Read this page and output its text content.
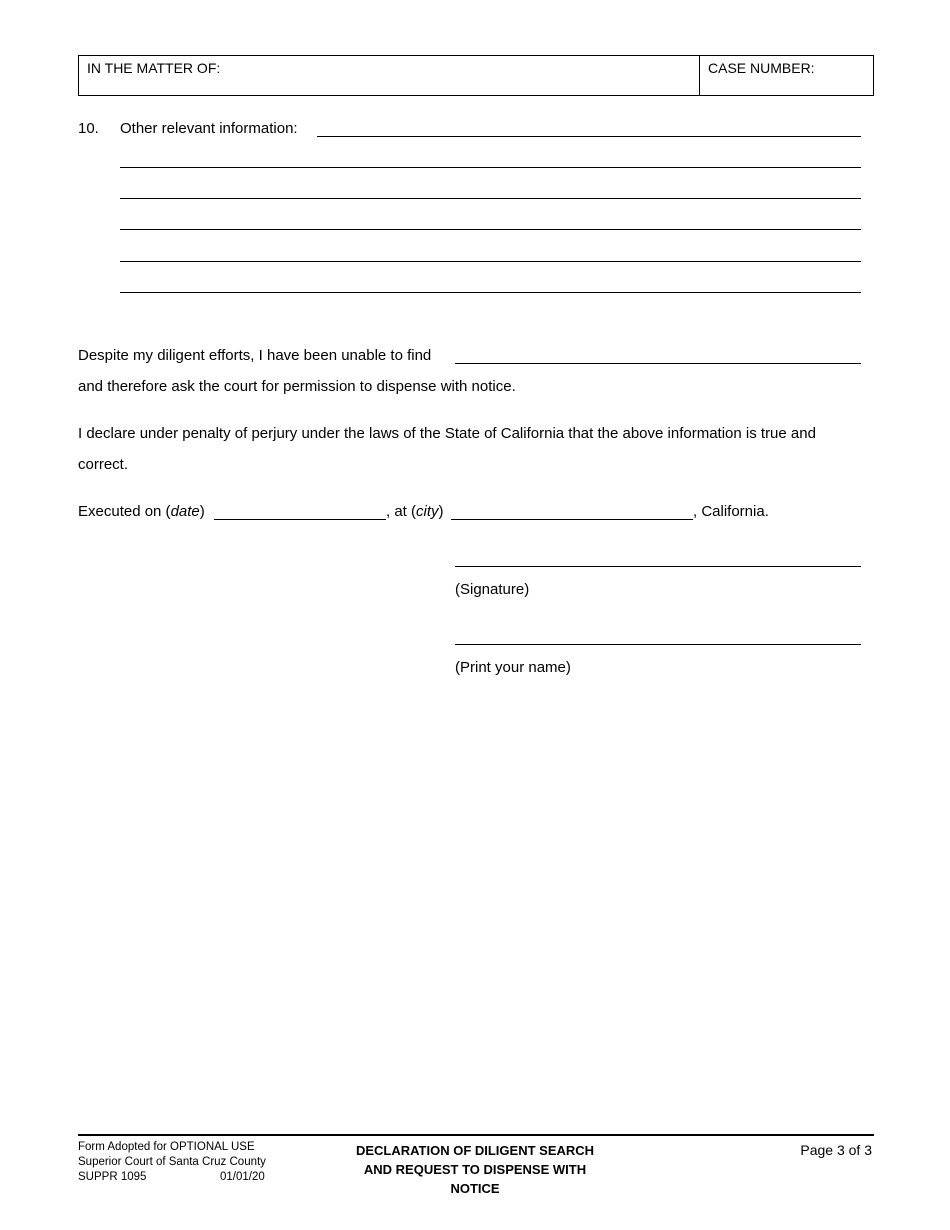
IN THE MATTER OF:	CASE NUMBER:
10. Other relevant information:
Despite my diligent efforts, I have been unable to find
and therefore ask the court for permission to dispense with notice.
I declare under penalty of perjury under the laws of the State of California that the above information is true and
correct.
Executed on (date)	, at (city)	, California.
(Signature)
(Print your name)
Form Adopted for OPTIONAL USE
Superior Court of Santa Cruz County
SUPPR 1095	01/01/20
DECLARATION OF DILIGENT SEARCH
AND REQUEST TO DISPENSE WITH
NOTICE
Page 3 of 3
